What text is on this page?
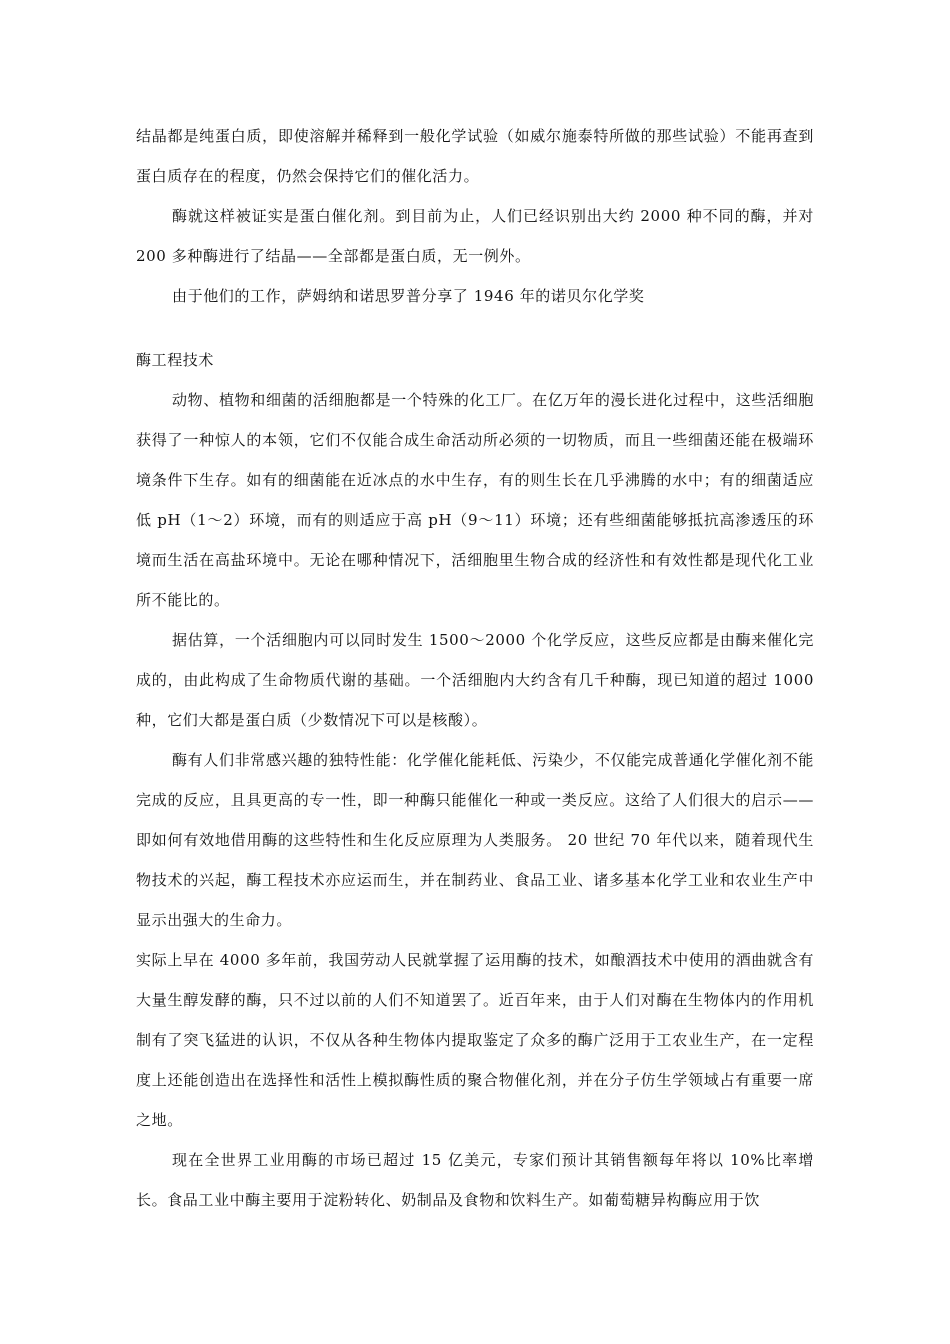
结晶都是纯蛋白质，即使溶解并稀释到一般化学试验（如威尔施泰特所做的那些试验）不能再查到蛋白质存在的程度，仍然会保持它们的催化活力。

酶就这样被证实是蛋白催化剂。到目前为止，人们已经识别出大约 2000 种不同的酶，并对 200 多种酶进行了结晶——全部都是蛋白质，无一例外。

由于他们的工作，萨姆纳和诺思罗普分享了 1946 年的诺贝尔化学奖

酶工程技术

动物、植物和细菌的活细胞都是一个特殊的化工厂。在亿万年的漫长进化过程中，这些活细胞获得了一种惊人的本领，它们不仅能合成生命活动所必须的一切物质，而且一些细菌还能在极端环境条件下生存。如有的细菌能在近冰点的水中生存，有的则生长在几乎沸腾的水中；有的细菌适应低 pH（1～2）环境，而有的则适应于高 pH（9～11）环境；还有些细菌能够抵抗高渗透压的环境而生活在高盐环境中。无论在哪种情况下，活细胞里生物合成的经济性和有效性都是现代化工业所不能比的。

据估算，一个活细胞内可以同时发生 1500～2000 个化学反应，这些反应都是由酶来催化完成的，由此构成了生命物质代谢的基础。一个活细胞内大约含有几千种酶，现已知道的超过 1000 种，它们大都是蛋白质（少数情况下可以是核酸）。

酶有人们非常感兴趣的独特性能：化学催化能耗低、污染少，不仅能完成普通化学催化剂不能完成的反应，且具更高的专一性，即一种酶只能催化一种或一类反应。这给了人们很大的启示——即如何有效地借用酶的这些特性和生化反应原理为人类服务。 20 世纪 70 年代以来，随着现代生物技术的兴起，酶工程技术亦应运而生，并在制药业、食品工业、诸多基本化学工业和农业生产中显示出强大的生命力。

实际上早在 4000 多年前，我国劳动人民就掌握了运用酶的技术，如酿酒技术中使用的酒曲就含有大量生醇发酵的酶，只不过以前的人们不知道罢了。近百年来，由于人们对酶在生物体内的作用机制有了突飞猛进的认识，不仅从各种生物体内提取鉴定了众多的酶广泛用于工农业生产，在一定程度上还能创造出在选择性和活性上模拟酶性质的聚合物催化剂，并在分子仿生学领域占有重要一席之地。

现在全世界工业用酶的市场已超过 15 亿美元，专家们预计其销售额每年将以 10%比率增长。食品工业中酶主要用于淀粉转化、奶制品及食物和饮料生产。如葡萄糖异构酶应用于饮
